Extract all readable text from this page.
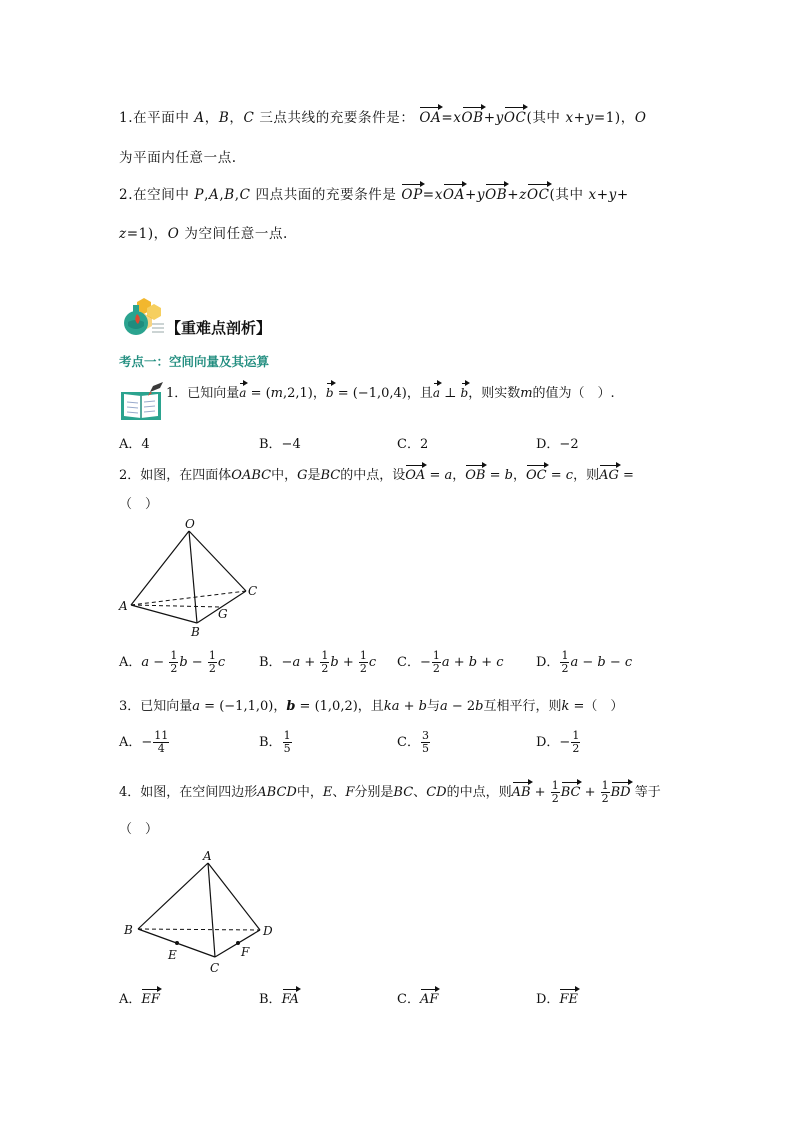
1.在平面中 A，B，C 三点共线的充要条件是： OA=xOB+yOC(其中 x+y=1)，O
为平面内任意一点.
2.在空间中 P,A,B,C 四点共面的充要条件是 OP=xOA+yOB+zOC(其中 x+y+
z=1)，O 为空间任意一点.
【重难点剖析】
考点一：空间向量及其运算
1．已知向量a = (m,2,1)，b = (−1,0,4)，且a ⊥ b，则实数m的值为（　）.
A．4	B．−4	C．2	D．−2
2．如图，在四面体OABC中，G是BC的中点，设OA = a，OB = b，OC = c，则AG =
（　）
O
A
B
C
G
A．$a - \frac{1}{2}$ $b - \frac{1}{2}$ c	B．$-a + \frac{1}{2}$ $b + \frac{1}{2}$ c C．− $\frac{1}{2}$ a + b + c D． $\frac{1}{2}$ a − b − c
3．已知向量a = (−1,1,0)，b = (1,0,2)，且ka + b与a − 2b互相平行，则k =（　）
A．− $\frac{11}{4}$	B． $\frac{1}{5}$	C． $\frac{3}{5}$	D．− $\frac{1}{2}$
4．如图，在空间四边形ABCD中，E、F分别是BC、CD的中点，则AB + $\frac{1}{2}$ BC + $\frac{1}{2}$ BD 等于
（　）
A
B
C
D
E	F
A．EF	B．FA	C．AF	D．FE
